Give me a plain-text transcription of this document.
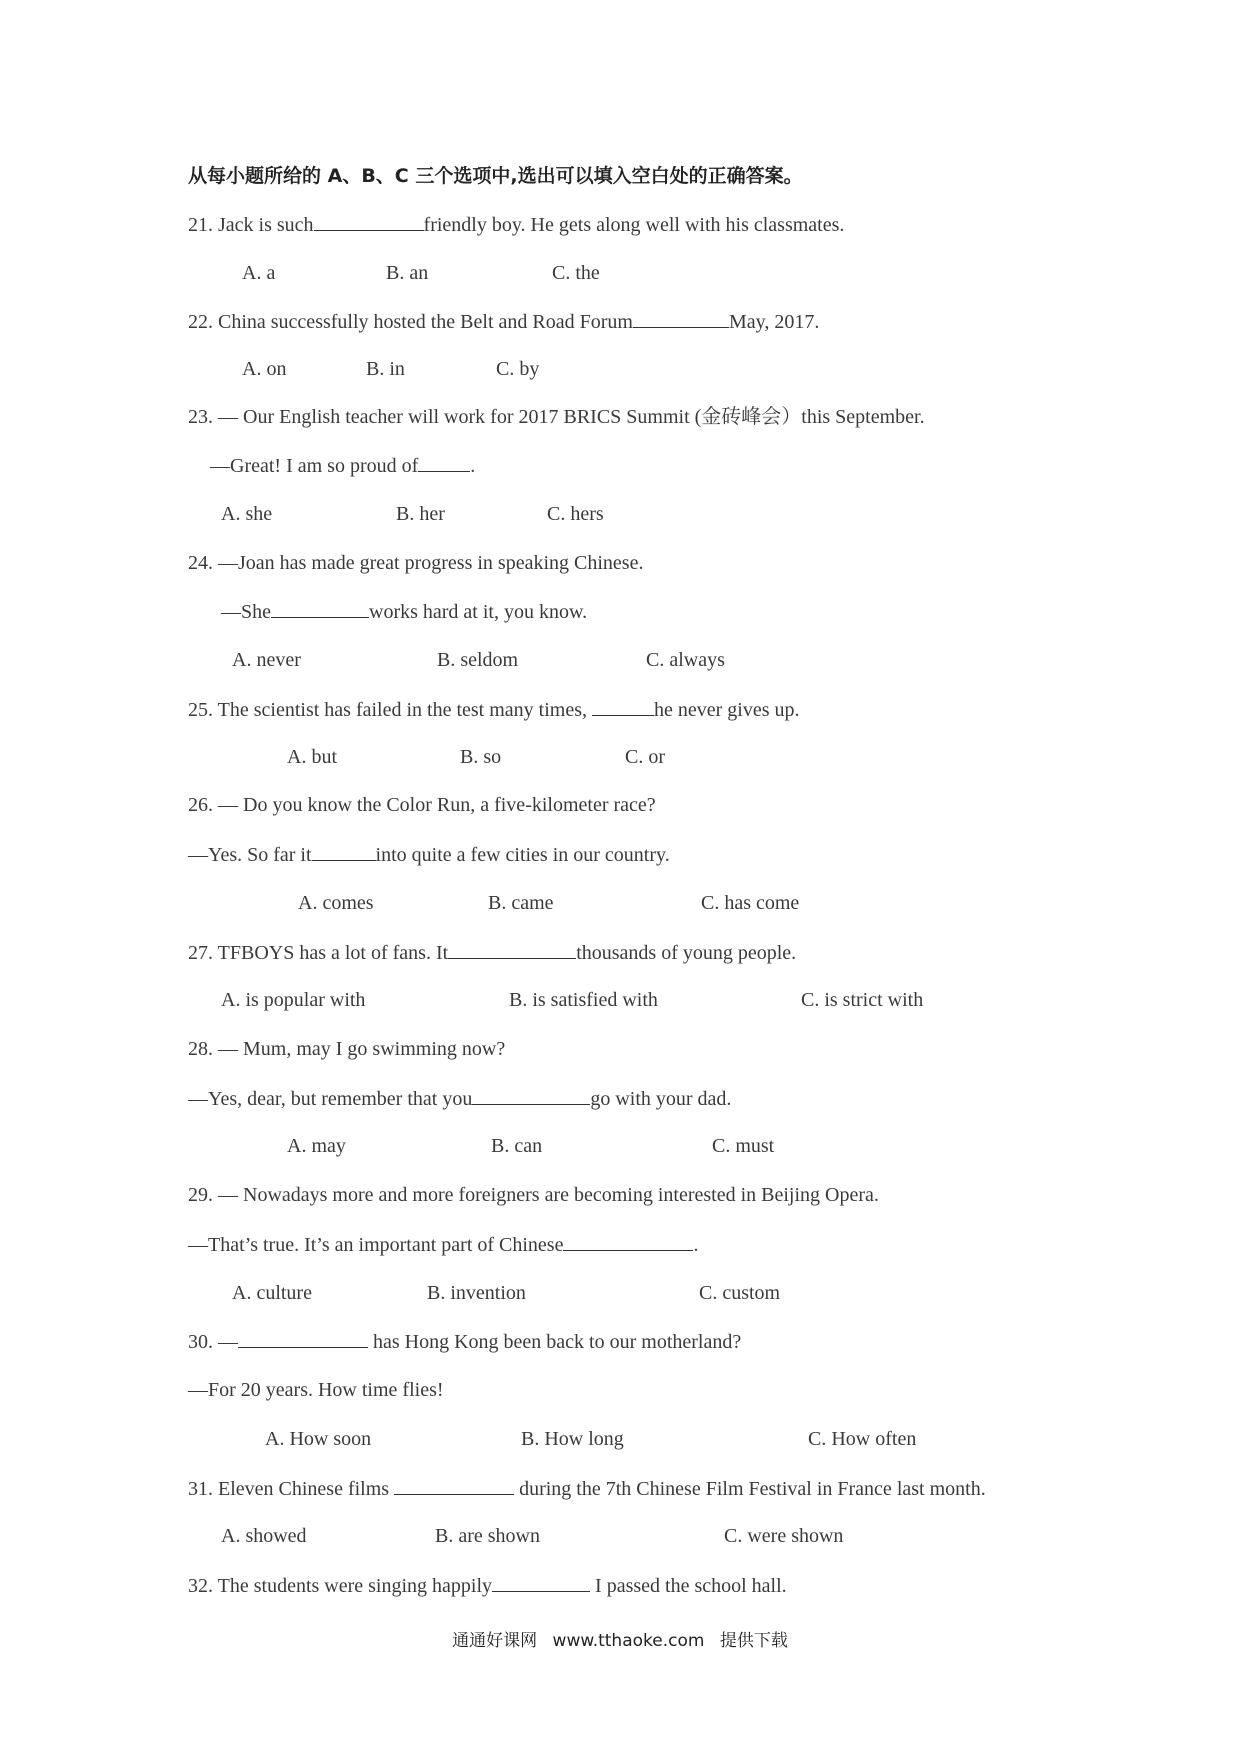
从每小题所给的 A、B、C 三个选项中,选出可以填入空白处的正确答案。
21. Jack is such	friendly boy. He gets along well with his classmates.
A. a	B. an	C. the
22. China successfully hosted the Belt and Road Forum	May, 2017.
A. on	B. in	C. by
23. — Our English teacher will work for 2017 BRICS Summit (金砖峰会）this September.
—Great! I am so proud of	.
A. she	B. her	C. hers
24. —Joan has made great progress in speaking Chinese.
—She	works hard at it, you know.
A. never	B. seldom	C. always
25. The scientist has failed in the test many times,	he never gives up.
A. but	B. so	C. or
26. — Do you know the Color Run, a five-kilometer race?
—Yes. So far it	into quite a few cities in our country.
A. comes	B. came	C. has come
27. TFBOYS has a lot of fans. It	thousands of young people.
A. is popular with	B. is satisfied with	C. is strict with
28. — Mum, may I go swimming now?
—Yes, dear, but remember that you	go with your dad.
A. may	B. can	C. must
29. — Nowadays more and more foreigners are becoming interested in Beijing Opera.
—That’s true. It’s an important part of Chinese	.
A. culture	B. invention	C. custom
30. —	has Hong Kong been back to our motherland?
—For 20 years. How time flies!
A. How soon	B. How long	C. How often
31. Eleven Chinese films	during the 7th Chinese Film Festival in France last month.
A. showed	B. are shown	C. were shown
32. The students were singing happily	I passed the school hall.
通通好课网 www.tthaoke.com 提供下载
